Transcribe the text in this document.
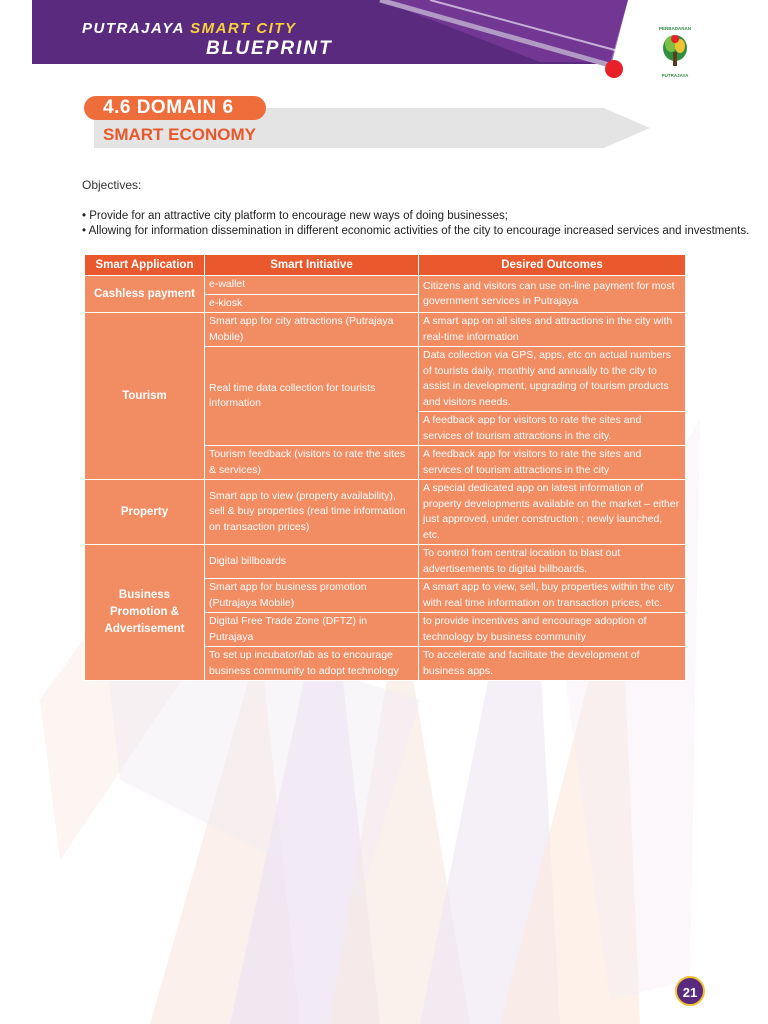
PUTRAJAYA SMART CITY
BLUEPRINT
PERBADANAN
PUTRAJAYA
4.6 DOMAIN 6
SMART ECONOMY
Objectives:
• Provide for an attractive city platform to encourage new ways of doing businesses;
• Allowing for information dissemination in different economic activities of the city to encourage increased services and investments.
Smart Application	Smart Initiative	Desired Outcomes
Cashless payment	e-wallet	Citizens and visitors can use on-line payment for most government services in Putrajaya
	e-kiosk	
Tourism	Smart app for city attractions (Putrajaya Mobile)	A smart app on all sites and attractions in the city with real-time information
	Real time data collection for tourists information	Data collection via GPS, apps, etc on actual numbers of tourists daily, monthly and annually to the city to assist in development, upgrading of tourism products and visitors needs.
		A feedback app for visitors to rate the sites and services of tourism attractions in the city.
	Tourism feedback (visitors to rate the sites & services)	A feedback app for visitors to rate the sites and services of tourism attractions in the city
Property	Smart app to view (property availability), sell & buy properties (real time information on transaction prices)	A special dedicated app on latest information of property developments available on the market – either just approved, under construction ; newly launched, etc.
Business Promotion & Advertisement	Digital billboards	To control from central location to blast out advertisements to digital billboards.
	Smart app for business promotion (Putrajaya Mobile)	A smart app to view, sell, buy properties within the city with real time information on transaction prices, etc.
	Digital Free Trade Zone (DFTZ) in Putrajaya	to provide incentives and encourage adoption of technology by business community
	To set up incubator/lab as to encourage business community to adopt technology	To accelerate and facilitate the development of business apps.
21
